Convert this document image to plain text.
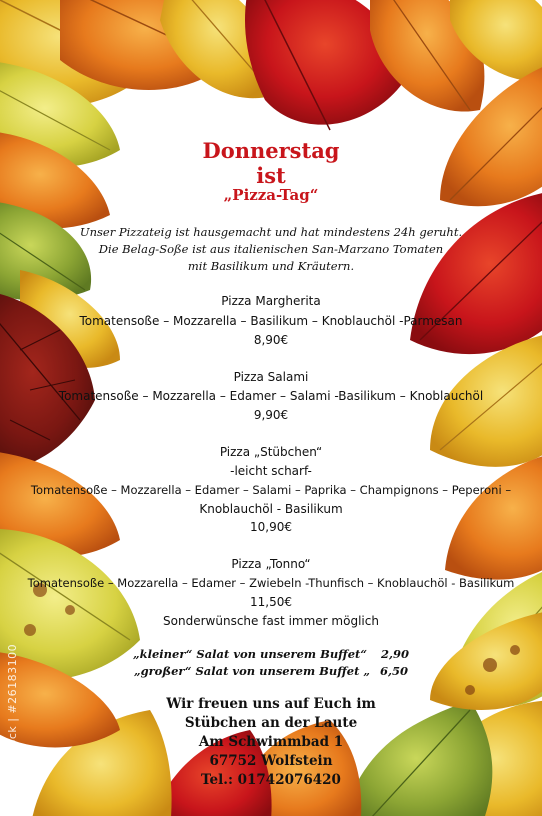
Donnerstag
ist
„Pizza-Tag“
Unser Pizzateig ist hausgemacht und hat mindestens 24h geruht.
Die Belag-Soße ist aus italienischen San-Marzano Tomaten
mit Basilikum und Kräutern.
Pizza Margherita
Tomatensoße – Mozzarella – Basilikum – Knoblauchöl -Parmesan
8,90€
Pizza Salami
Tomatensoße – Mozzarella – Edamer – Salami -Basilikum – Knoblauchöl
9,90€
Pizza „Stübchen“
-leicht scharf-
Tomatensoße – Mozzarella – Edamer – Salami – Paprika – Champignons – Peperoni –
Knoblauchöl - Basilikum
10,90€
Pizza „Tonno“
Tomatensoße – Mozzarella – Edamer – Zwiebeln -Thunfisch – Knoblauchöl - Basilikum
11,50€
Sonderwünsche fast immer möglich
„kleiner“ Salat von unserem Buffet“ 2,90
„großer“ Salat von unserem Buffet „ 6,50
Wir freuen uns auf Euch im
Stübchen an der Laute
Am Schwimmbad 1
67752 Wolfstein
Tel.: 01742076420
Adobe Stock | #26183100
